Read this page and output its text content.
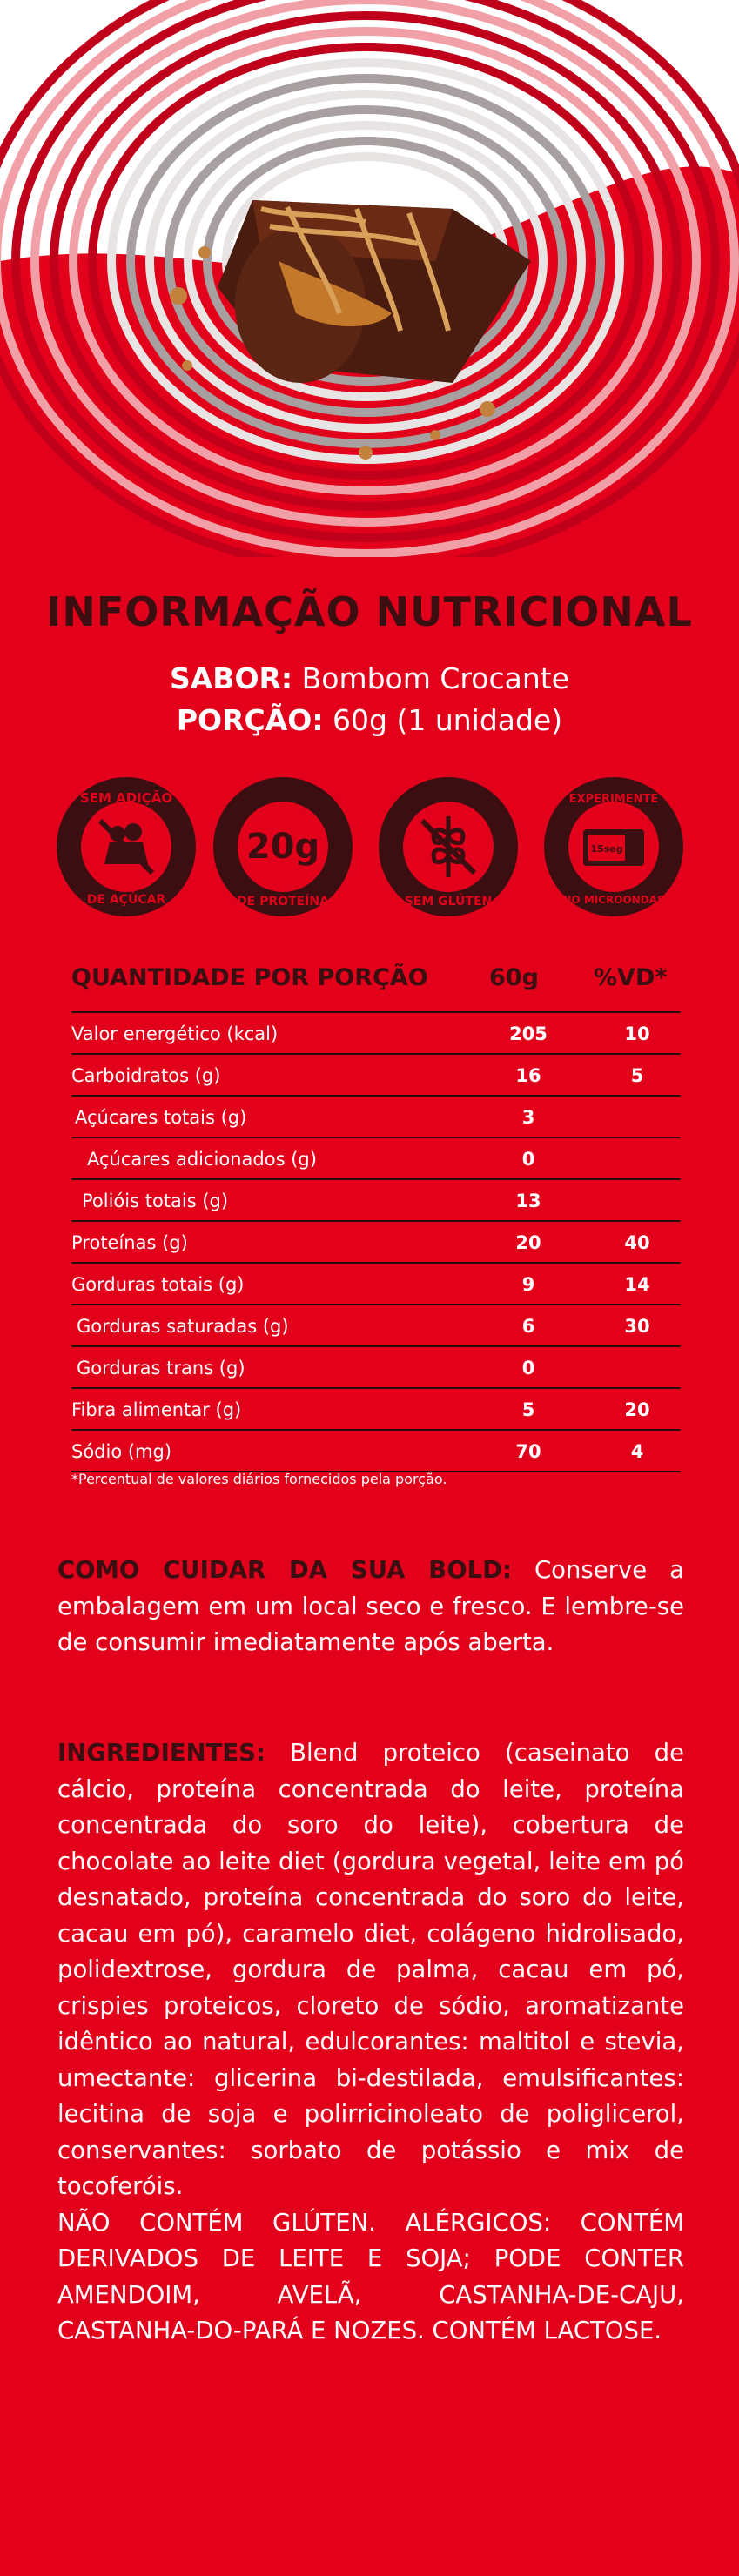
INFORMAÇÃO NUTRICIONAL
SABOR: Bombom Crocante
PORÇÃO: 60g (1 unidade)
SEM ADIÇÃO
DE AÇÚCAR
20g
DE PROTEÍNA	SEM GLÚTEN
15seg
EXPERIMENTE
NO MICROONDAS
QUANTIDADE POR PORÇÃO	60g %VD*
Valor energético (kcal)	205	10
Carboidratos (g)	16	5
Açúcares totais (g)	3
Açúcares adicionados (g)	0
Polióis totais (g)	13
Proteínas (g)	20	40
Gorduras totais (g)	9	14
Gorduras saturadas (g)	6	30
Gorduras trans (g)	0
Fibra alimentar (g)	5	20
Sódio (mg)	70	4
*Percentual de valores diários fornecidos pela porção.
COMO CUIDAR DA SUA BOLD: Conserve a embalagem em um local seco e fresco. E lembre-se de consumir imediatamente após aberta.
INGREDIENTES: Blend proteico (caseinato de cálcio, proteína concentrada do leite, proteína concentrada do soro do leite), cobertura de chocolate ao leite diet (gordura vegetal, leite em pó desnatado, proteína concentrada do soro do leite, cacau em pó), caramelo diet, colágeno hidrolisado, polidextrose, gordura de palma, cacau em pó, crispies proteicos, cloreto de sódio, aromatizante idêntico ao natural, edulcorantes: maltitol e stevia, umectante: glicerina bi-destilada, emulsificantes: lecitina de soja e polirricinoleato de poliglicerol, conservantes: sorbato de potássio e mix de tocoferóis.
NÃO CONTÉM GLÚTEN. ALÉRGICOS: CONTÉM DERIVADOS DE LEITE E SOJA; PODE CONTER AMENDOIM, AVELÃ, CASTANHA-DE-CAJU, CASTANHA-DO-PARÁ E NOZES. CONTÉM LACTOSE.
